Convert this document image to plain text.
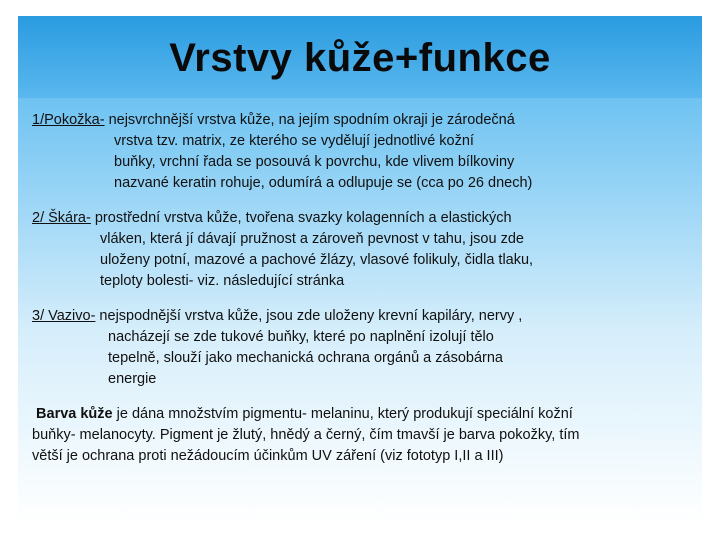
Vrstvy kůže+funkce

1/Pokožka- nejsvrchnější vrstva kůže, na jejím spodním okraji je zárodečná
vrstva tzv. matrix, ze kterého se vydělují jednotlivé kožní
buňky, vrchní řada se posouvá k povrchu, kde vlivem bílkoviny
nazvané keratin rohuje, odumírá a odlupuje se (cca po 26 dnech)

2/ Škára- prostřední vrstva kůže, tvořena svazky kolagenních a elastických
vláken, která jí dávají pružnost a zároveň pevnost v tahu, jsou zde
uloženy potní, mazové a pachové žlázy, vlasové folikuly, čidla tlaku,
teploty bolesti- viz. následující stránka

3/ Vazivo- nejspodnější vrstva kůže, jsou zde uloženy krevní kapiláry, nervy ,
nacházejí se zde tukové buňky, které po naplnění izolují tělo
tepelně, slouží jako mechanická ochrana orgánů a zásobárna
energie

Barva kůže je dána množstvím pigmentu- melaninu, který produkují speciální kožní
buňky- melanocyty. Pigment je žlutý, hnědý a černý, čím tmavší je barva pokožky, tím
větší je ochrana proti nežádoucím účinkům UV záření (viz fototyp I,II a III)
